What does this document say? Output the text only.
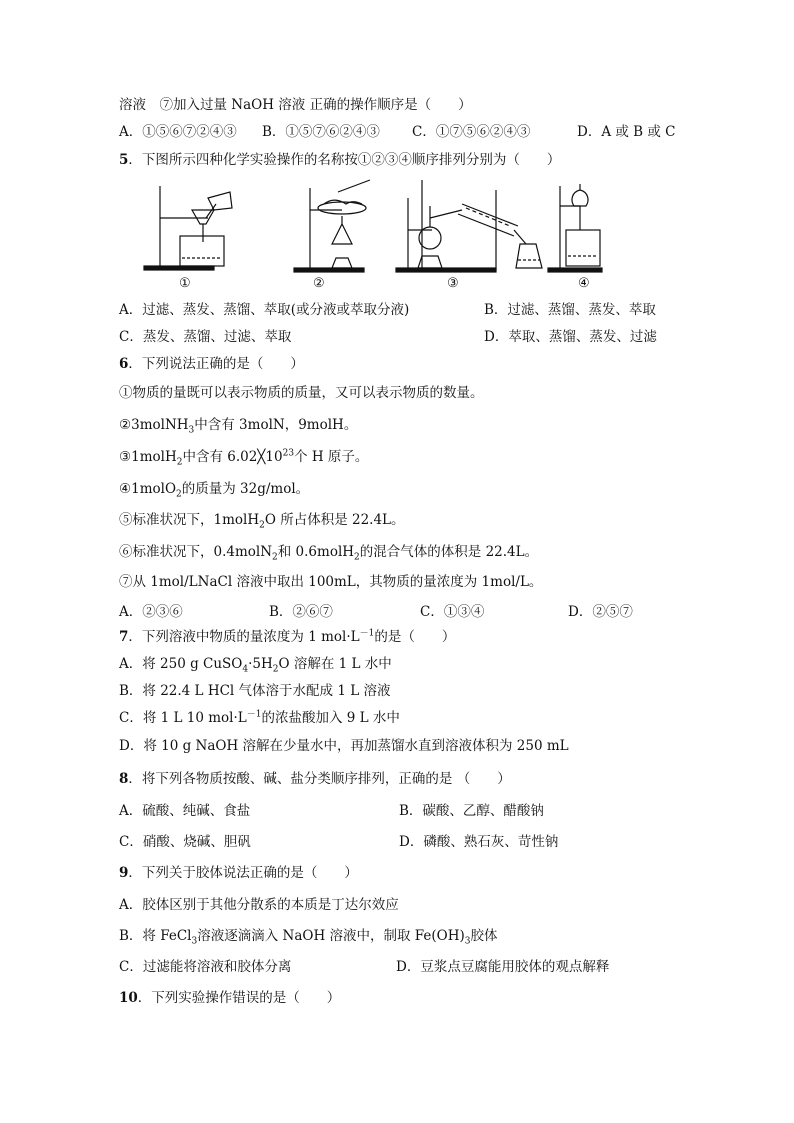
溶液　⑦加入过量 NaOH 溶液 正确的操作顺序是（　　）
A．①⑤⑥⑦②④③ B．①⑤⑦⑥②④③ C．①⑦⑤⑥②④③	D．A 或 B 或 C
5．下图所示四种化学实验操作的名称按①②③④顺序排列分别为（　　）
①	②	③	④
A．过滤、蒸发、蒸馏、萃取(或分液或萃取分液)	B．过滤、蒸馏、蒸发、萃取
C．蒸发、蒸馏、过滤、萃取	D．萃取、蒸馏、蒸发、过滤
6．下列说法正确的是（　　）
①物质的量既可以表示物质的质量，又可以表示物质的数量。
②3molNH$_3$中含有 3molN，9molH。
③1molH$_2$中含有 $6.02╳10^{23}$个 H 原子。
④1molO$_2$的质量为 32g/mol。
⑤标准状况下，1molH$_2$O 所占体积是 22.4L。
⑥标准状况下，0.4molN$_2$和 0.6molH$_2$的混合气体的体积是 22.4L。
⑦从 1mol/LNaCl 溶液中取出 100mL，其物质的量浓度为 1mol/L。
A．②③⑥	B．②⑥⑦	C．①③④	D．②⑤⑦
7．下列溶液中物质的量浓度为 1 $mol\cdot L^{-1}$的是（　　）
A．将 250 g $CuSO_4\cdot 5H_2O$ 溶解在 1 L 水中
B．将 22.4 L HCl 气体溶于水配成 1 L 溶液
C．将 1 L 10 $mol\cdot L^{-1}$的浓盐酸加入 9 L 水中
D．将 10 g NaOH 溶解在少量水中，再加蒸馏水直到溶液体积为 250 mL
8．将下列各物质按酸、碱、盐分类顺序排列，正确的是 （　　）
A．硫酸、纯碱、食盐	B．碳酸、乙醇、醋酸钠
C．硝酸、烧碱、胆矾	D．磷酸、熟石灰、苛性钠
9．下列关于胶体说法正确的是（　　）
A．胶体区别于其他分散系的本质是丁达尔效应
B．将 FeCl$_3$溶液逐滴滴入 NaOH 溶液中，制取 $Fe(OH)_3$胶体
C．过滤能将溶液和胶体分离	D．豆浆点豆腐能用胶体的观点解释
10．下列实验操作错误的是（　　）
